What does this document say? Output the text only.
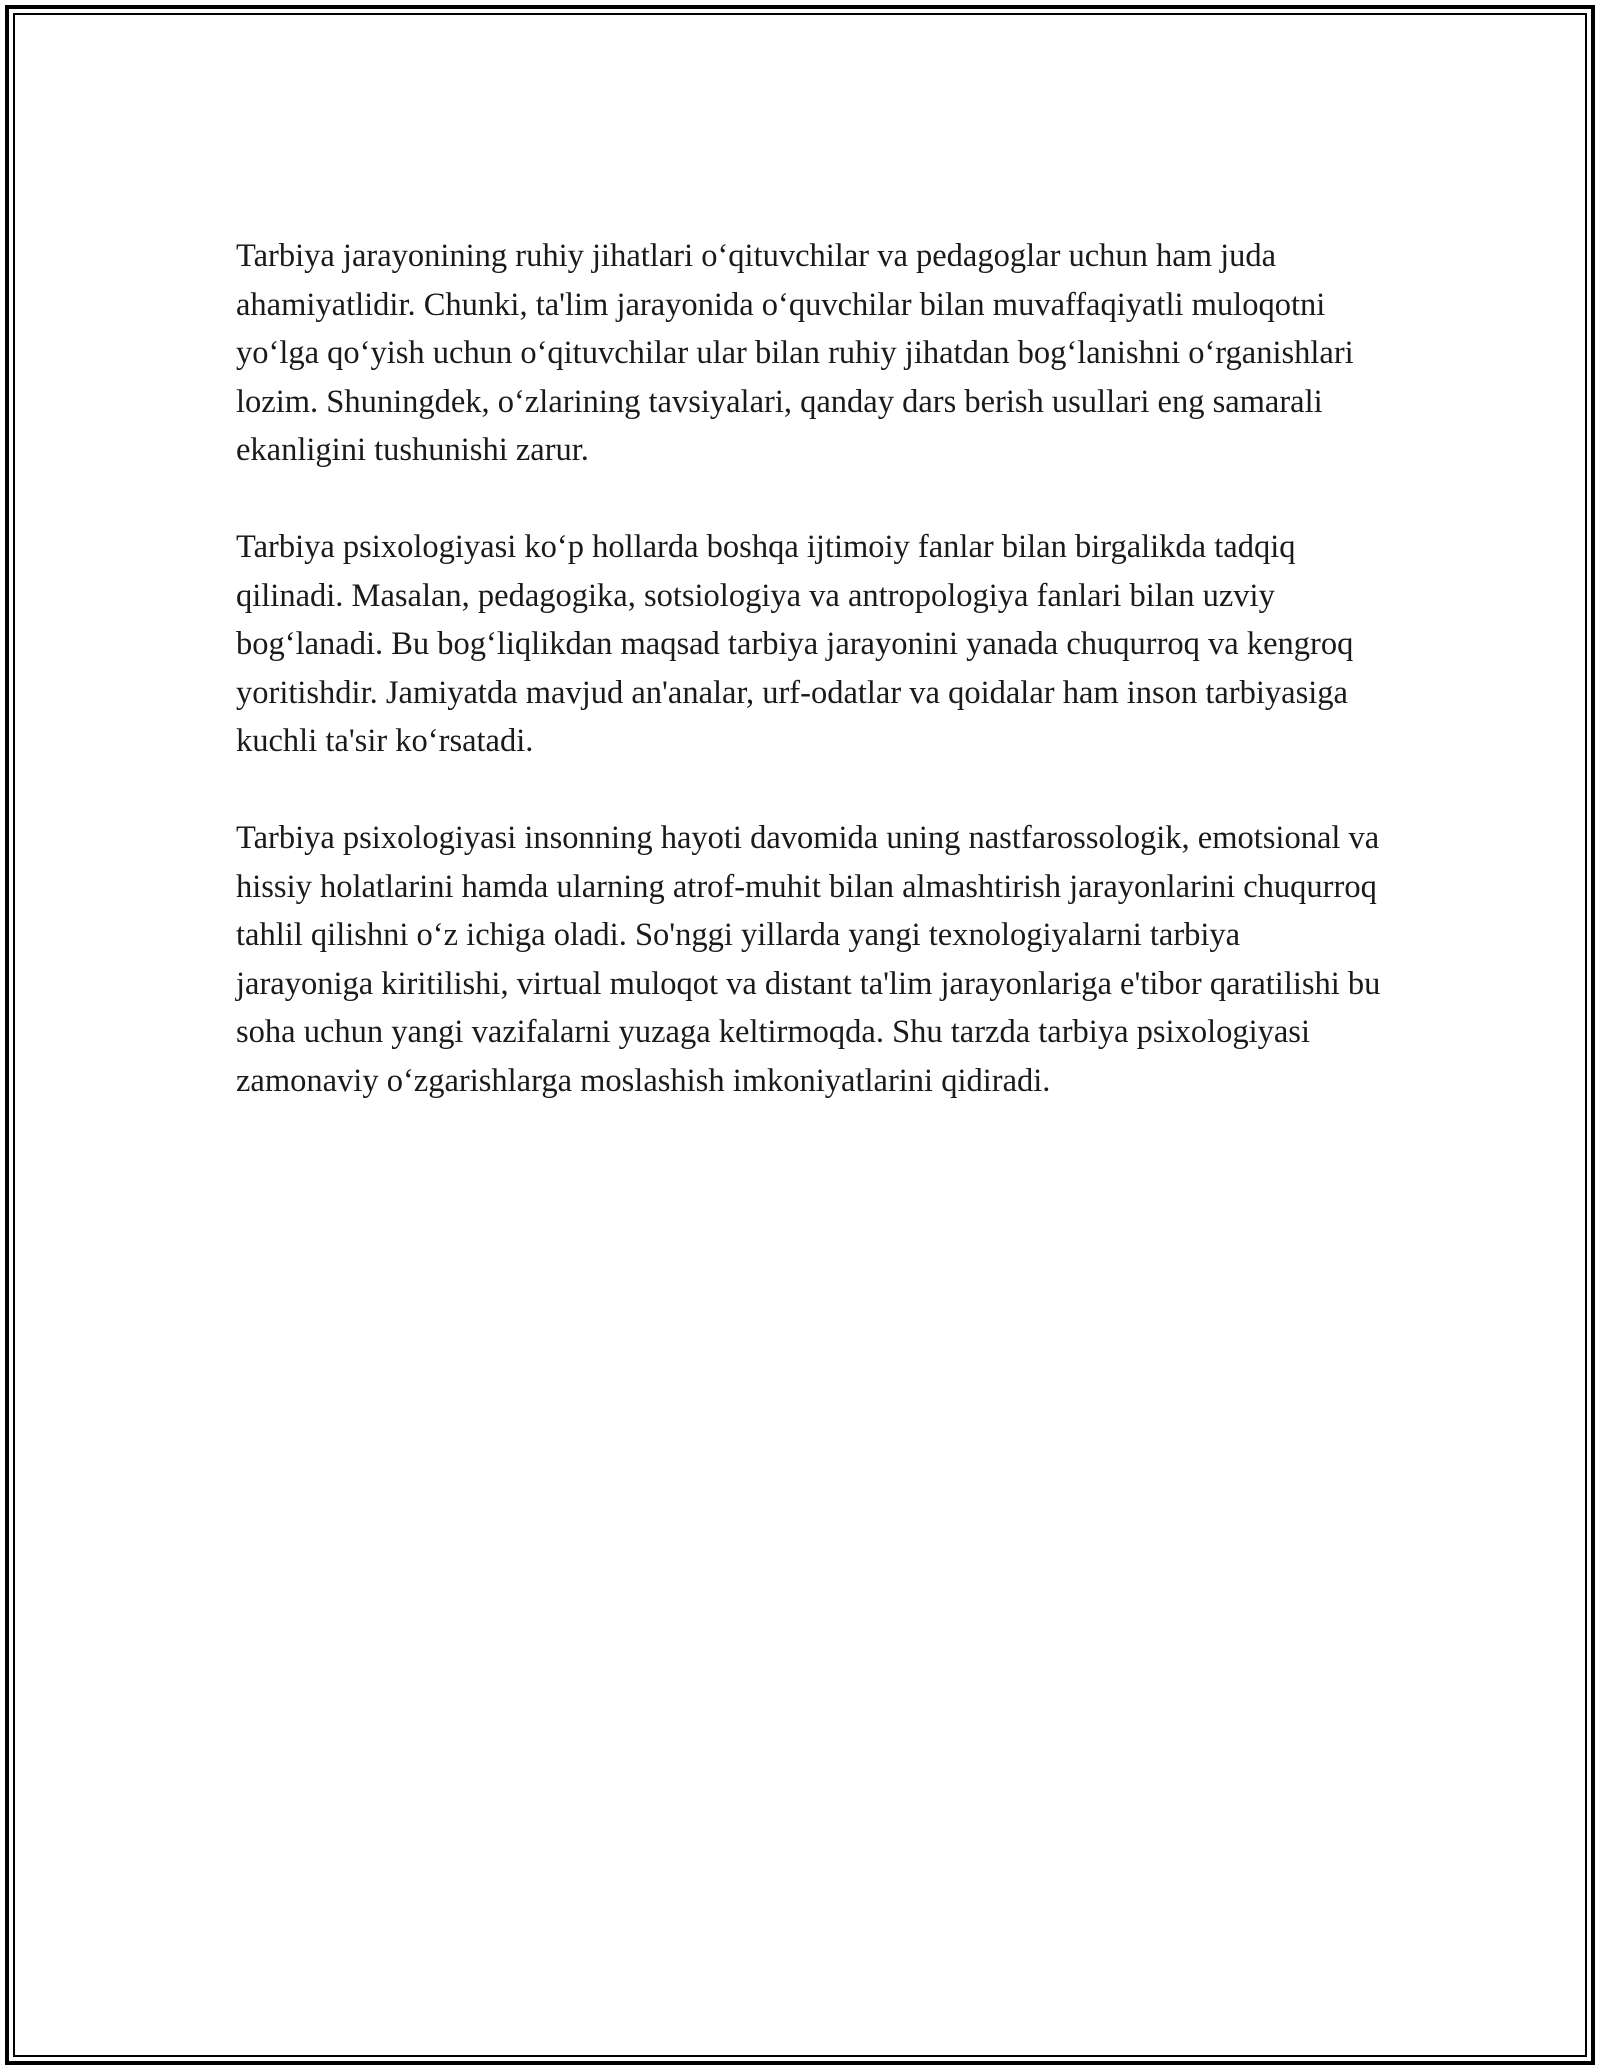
Tarbiya jarayonining ruhiy jihatlari o‘qituvchilar va pedagoglar uchun ham juda ahamiyatlidir. Chunki, ta'lim jarayonida o‘quvchilar bilan muvaffaqiyatli muloqotni yo‘lga qo‘yish uchun o‘qituvchilar ular bilan ruhiy jihatdan bog‘lanishni o‘rganishlari lozim. Shuningdek, o‘zlarining tavsiyalari, qanday dars berish usullari eng samarali ekanligini tushunishi zarur.

Tarbiya psixologiyasi ko‘p hollarda boshqa ijtimoiy fanlar bilan birgalikda tadqiq qilinadi. Masalan, pedagogika, sotsiologiya va antropologiya fanlari bilan uzviy bog‘lanadi. Bu bog‘liqlikdan maqsad tarbiya jarayonini yanada chuqurroq va kengroq yoritishdir. Jamiyatda mavjud an'analar, urf-odatlar va qoidalar ham inson tarbiyasiga kuchli ta'sir ko‘rsatadi.

Tarbiya psixologiyasi insonning hayoti davomida uning nastfarossologik, emotsional va hissiy holatlarini hamda ularning atrof-muhit bilan almashtirish jarayonlarini chuqurroq tahlil qilishni o‘z ichiga oladi. So'nggi yillarda yangi texnologiyalarni tarbiya jarayoniga kiritilishi, virtual muloqot va distant ta'lim jarayonlariga e'tibor qaratilishi bu soha uchun yangi vazifalarni yuzaga keltirmoqda. Shu tarzda tarbiya psixologiyasi zamonaviy o‘zgarishlarga moslashish imkoniyatlarini qidiradi.
